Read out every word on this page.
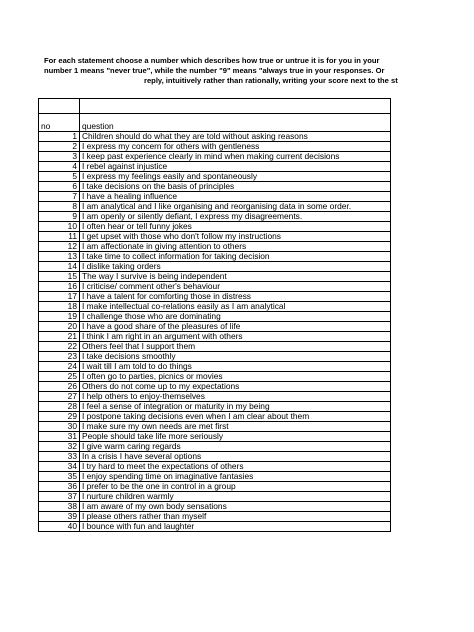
For each statement choose a number which describes how true or untrue it is for you in your
number 1 means "never true", while the number "9" means "always true in your responses. Or
reply, intuitively rather than rationally, writing your score next to the st

no	question
1	Children should do what they are told without asking reasons
2	I express my concern for others with gentleness
3	I keep past experience clearly in mind when making current decisions
4	I rebel against injustice
5	I express my feelings easily and spontaneously
6	I take decisions on the basis of principles
7	I have a healing influence
8	I am analytical and I like organising and reorganising data in some order.
9	I am openly or silently defiant, I express my disagreements.
10	I often hear or tell funny jokes
11	I get upset with those who don't follow my instructions
12	I am affectionate in giving attention to others
13	I take time to collect information for taking decision
14	I dislike taking orders
15	The way I survive is being independent
16	I criticise/ comment other's behaviour
17	I have a talent for comforting those in distress
18	I make intellectual co-relations easily as I am analytical
19	I challenge those who are dominating
20	I have a good share of the pleasures of life
21	I think I am right in an argument with others
22	Others feel that I support them
23	I take decisions smoothly
24	I wait till I am told to do things
25	I often go to parties, picnics or movies
26	Others do not come up to my expectations
27	I help others to enjoy-themselves
28	I feel a sense of integration or maturity in my being
29	I postpone taking decisions even when I am clear about them
30	I make sure my own needs are met first
31	People should take life more seriously
32	I give warm caring regards
33	In a crisis I have several options
34	I try hard to meet the expectations of others
35	I enjoy spending time on imaginative fantasies
36	I prefer to be the one in control in a group
37	I nurture children warmly
38	I am aware of my own body sensations
39	I please others rather than myself
40	I bounce with fun and laughter
